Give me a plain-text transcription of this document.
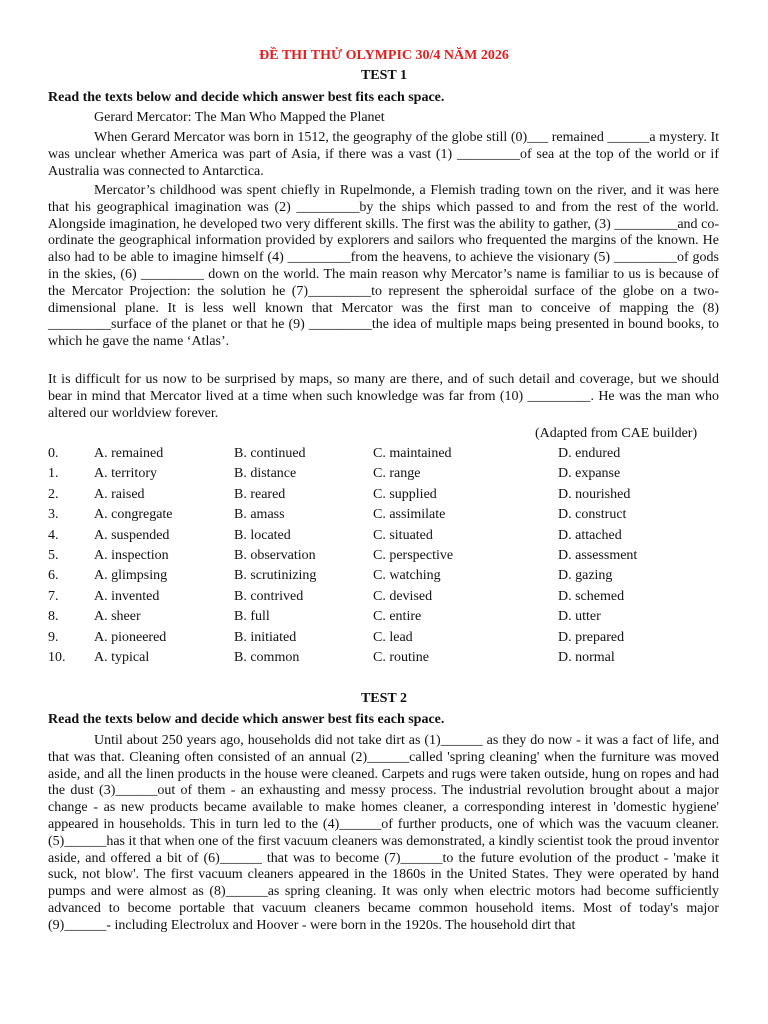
ĐỀ THI THỬ OLYMPIC 30/4 NĂM 2026
TEST 1
Read the texts below and decide which answer best fits each space.
Gerard Mercator: The Man Who Mapped the Planet
When Gerard Mercator was born in 1512, the geography of the globe still (0)___ remained ______a mystery. It was unclear whether America was part of Asia, if there was a vast (1) _________of sea at the top of the world or if Australia was connected to Antarctica.
Mercator’s childhood was spent chiefly in Rupelmonde, a Flemish trading town on the river, and it was here that his geographical imagination was (2) _________by the ships which passed to and from the rest of the world. Alongside imagination, he developed two very different skills. The first was the ability to gather, (3) _________and co-ordinate the geographical information provided by explorers and sailors who frequented the margins of the known. He also had to be able to imagine himself (4) _________from the heavens, to achieve the visionary (5) _________of gods in the skies, (6) _________ down on the world. The main reason why Mercator’s name is familiar to us is because of the Mercator Projection: the solution he (7)_________to represent the spheroidal surface of the globe on a two-dimensional plane. It is less well known that Mercator was the first man to conceive of mapping the (8) _________surface of the planet or that he (9) _________the idea of multiple maps being presented in bound books, to which he gave the name ‘Atlas’.
It is difficult for us now to be surprised by maps, so many are there, and of such detail and coverage, but we should bear in mind that Mercator lived at a time when such knowledge was far from (10) _________. He was the man who altered our worldview forever.
(Adapted from CAE builder)
0.	A. remained	B. continued	C. maintained	D. endured
1.	A. territory	B. distance	C. range	D. expanse
2.	A. raised	B. reared	C. supplied	D. nourished
3.	A. congregate	B. amass	C. assimilate	D. construct
4.	A. suspended	B. located	C. situated	D. attached
5.	A. inspection	B. observation	C. perspective	D. assessment
6.	A. glimpsing	B. scrutinizing	C. watching	D. gazing
7.	A. invented	B. contrived	C. devised	D. schemed
8.	A. sheer	B. full	C. entire	D. utter
9.	A. pioneered	B. initiated	C. lead	D. prepared
10. A. typical	B. common	C. routine	D. normal
TEST 2
Read the texts below and decide which answer best fits each space.
Until about 250 years ago, households did not take dirt as (1)______ as they do now - it was a fact of life, and that was that. Cleaning often consisted of an annual (2)______called 'spring cleaning' when the furniture was moved aside, and all the linen products in the house were cleaned. Carpets and rugs were taken outside, hung on ropes and had the dust (3)______out of them - an exhausting and messy process. The industrial revolution brought about a major change - as new products became available to make homes cleaner, a corresponding interest in 'domestic hygiene' appeared in households. This in turn led to the (4)______of further products, one of which was the vacuum cleaner. (5)______has it that when one of the first vacuum cleaners was demonstrated, a kindly scientist took the proud inventor aside, and offered a bit of (6)______ that was to become (7)______to the future evolution of the product - 'make it suck, not blow'. The first vacuum cleaners appeared in the 1860s in the United States. They were operated by hand pumps and were almost as (8)______as spring cleaning. It was only when electric motors had become sufficiently advanced to become portable that vacuum cleaners became common household items. Most of today's major (9)______- including Electrolux and Hoover - were born in the 1920s. The household dirt that
